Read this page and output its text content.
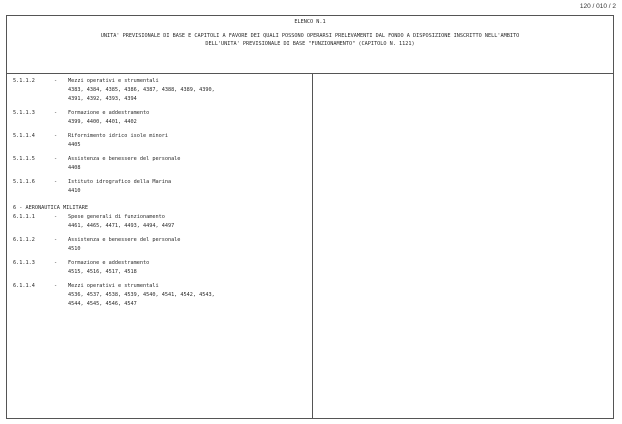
120 / 010 / 2
ELENCO N.1
UNITA' PREVISIONALE DI BASE E CAPITOLI A FAVORE DEI QUALI POSSONO OPERARSI PRELEVAMENTI DAL FONDO A DISPOSIZIONE INSCRITTO NELL'AMBITO
DELL'UNITA' PREVISIONALE DI BASE "FUNZIONAMENTO" (CAPITOLO N. 1121)
5.1.1.2	- Mezzi operativi e strumentali
4383, 4384, 4385, 4386, 4387, 4388, 4389, 4390,
4391, 4392, 4393, 4394
5.1.1.3	- Formazione e addestramento
4399, 4400, 4401, 4402
5.1.1.4	- Rifornimento idrico isole minori
4405
5.1.1.5	- Assistenza e benessere del personale
4408
5.1.1.6	- Istituto idrografico della Marina
4410
6 - AERONAUTICA MILITARE
6.1.1.1	- Spese generali di funzionamento
4461, 4465, 4471, 4493, 4494, 4497
6.1.1.2	- Assistenza e benessere del personale
4510
6.1.1.3	- Formazione e addestramento
4515, 4516, 4517, 4518
6.1.1.4	- Mezzi operativi e strumentali
4536, 4537, 4538, 4539, 4540, 4541, 4542, 4543,
4544, 4545, 4546, 4547
